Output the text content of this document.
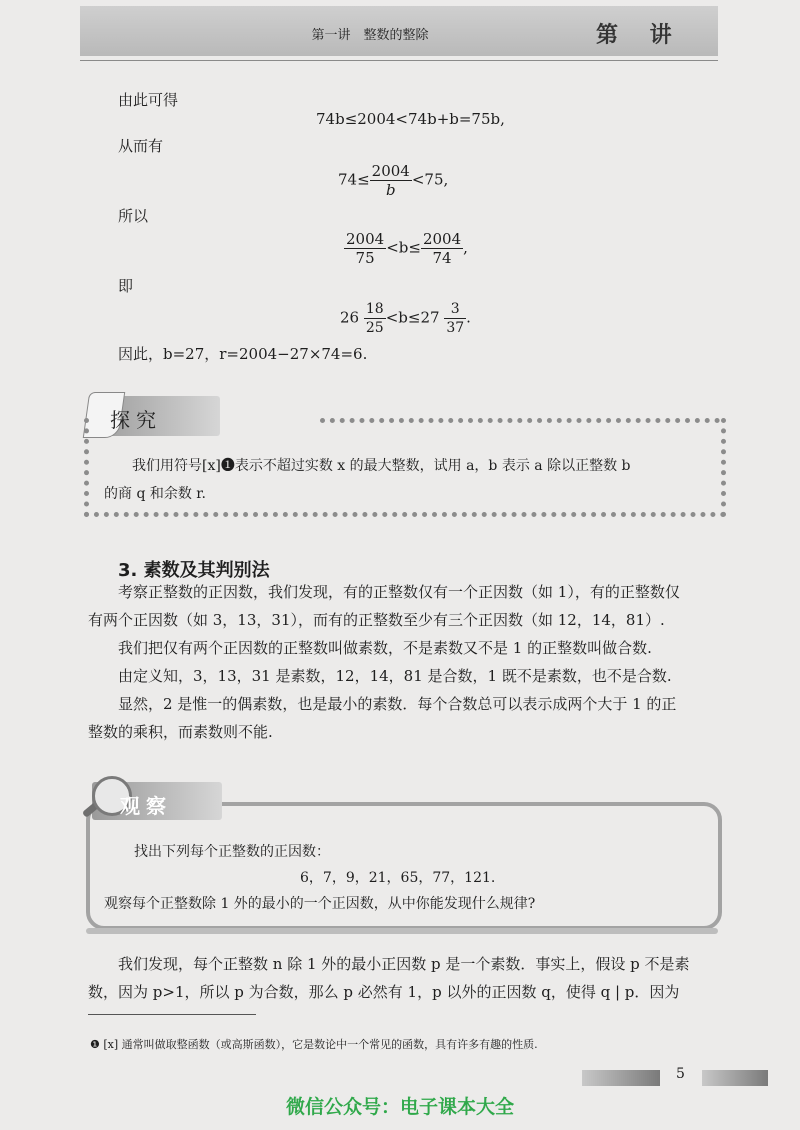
第一讲　整数的整除	第 讲
由此可得
74b≤2004<74b+b=75b,
从而有
$74\le \frac{2004}{b} <75$,
所以
$\frac{2004}{75} <b\le \frac{2004}{74}$ ,
即
$26 \frac{18}{25} <b\le 27 \frac{3}{37}$ .
因此，b=27，r=2004−27×74=6.
探究
我们用符号[x]❶表示不超过实数 x 的最大整数，试用 a，b 表示 a 除以正整数 b
的商 q 和余数 r.
3. 素数及其判别法
考察正整数的正因数，我们发现，有的正整数仅有一个正因数（如 1），有的正整数仅
有两个正因数（如 3，13，31），而有的正整数至少有三个正因数（如 12，14，81）.
我们把仅有两个正因数的正整数叫做素数，不是素数又不是 1 的正整数叫做合数.
由定义知，3，13，31 是素数，12，14，81 是合数，1 既不是素数，也不是合数.
显然，2 是惟一的偶素数，也是最小的素数．每个合数总可以表示成两个大于 1 的正
整数的乘积，而素数则不能.
观察
找出下列每个正整数的正因数：
6，7，9，21，65，77，121.
观察每个正整数除 1 外的最小的一个正因数，从中你能发现什么规律?
我们发现，每个正整数 n 除 1 外的最小正因数 p 是一个素数．事实上，假设 p 不是素
数，因为 p>1，所以 p 为合数，那么 p 必然有 1，p 以外的正因数 q，使得 q | p．因为
❶ [x] 通常叫做取整函数（或高斯函数），它是数论中一个常见的函数，具有许多有趣的性质.
5
微信公众号：电子课本大全
